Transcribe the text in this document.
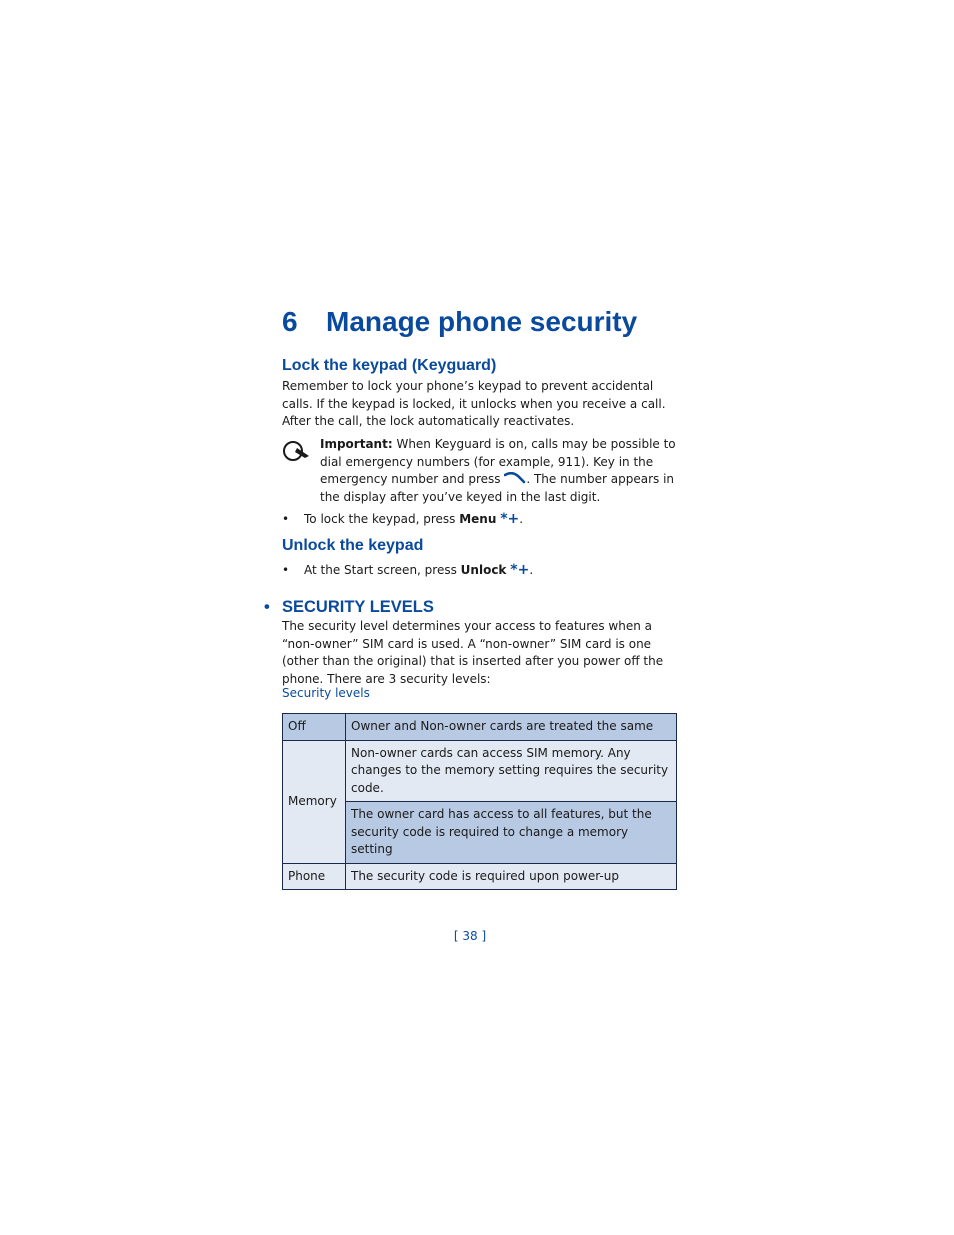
6 Manage phone security
Lock the keypad (Keyguard)

Remember to lock your phone’s keypad to prevent accidental calls. If the keypad is locked, it unlocks when you receive a call. After the call, the lock automatically reactivates.

Important: When Keyguard is on, calls may be possible to dial emergency numbers (for example, 911). Key in the emergency number and press . The number appears in the display after you’ve keyed in the last digit.

• To lock the keypad, press Menu *+.
Unlock the keypad
• At the Start screen, press Unlock *+.
• SECURITY LEVELS

The security level determines your access to features when a “non-owner” SIM card is used. A “non-owner” SIM card is one (other than the original) that is inserted after you power off the phone. There are 3 security levels:

Security levels
Off	Owner and Non-owner cards are treated the same
Memory	Non-owner cards can access SIM memory. Any changes to the memory setting requires the security code.
	The owner card has access to all features, but the security code is required to change a memory setting
Phone	The security code is required upon power-up
[ 38 ]
